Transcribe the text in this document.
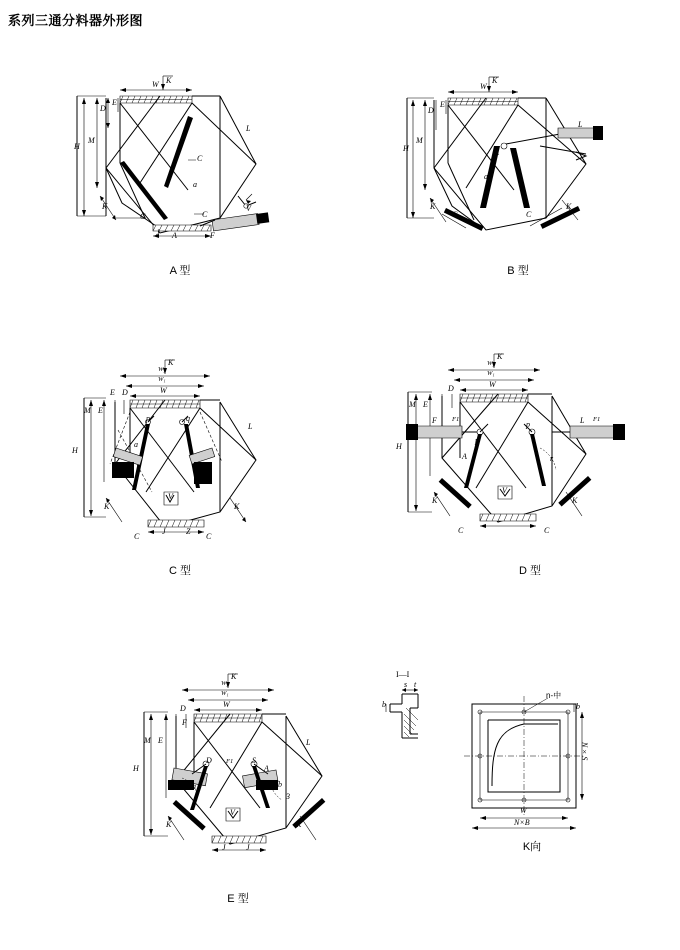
系列三通分料器外形图
K
W
E
D
M
H
L
C
a
K
C	C
J A	F
V
A 型
K
W
E
D
M
H
L
A
a
C	C
K	K
B 型
K
W₂
W₁
W
E D
M E
H
L
p	q
a
K	K
C	C
J	Z
V
C 型
K
W₂
W₁
W
D
M E
F F1
H
L F1
p
p
A	r
K	K
C	C
V
D 型
K
W₂
W₁
W
D
F
M E
H
L
D F1 S
A
a	b
3
K	K
J	J
V
E 型
I—I
b
s t
n-中
b
N×S
W
N×B
K向
